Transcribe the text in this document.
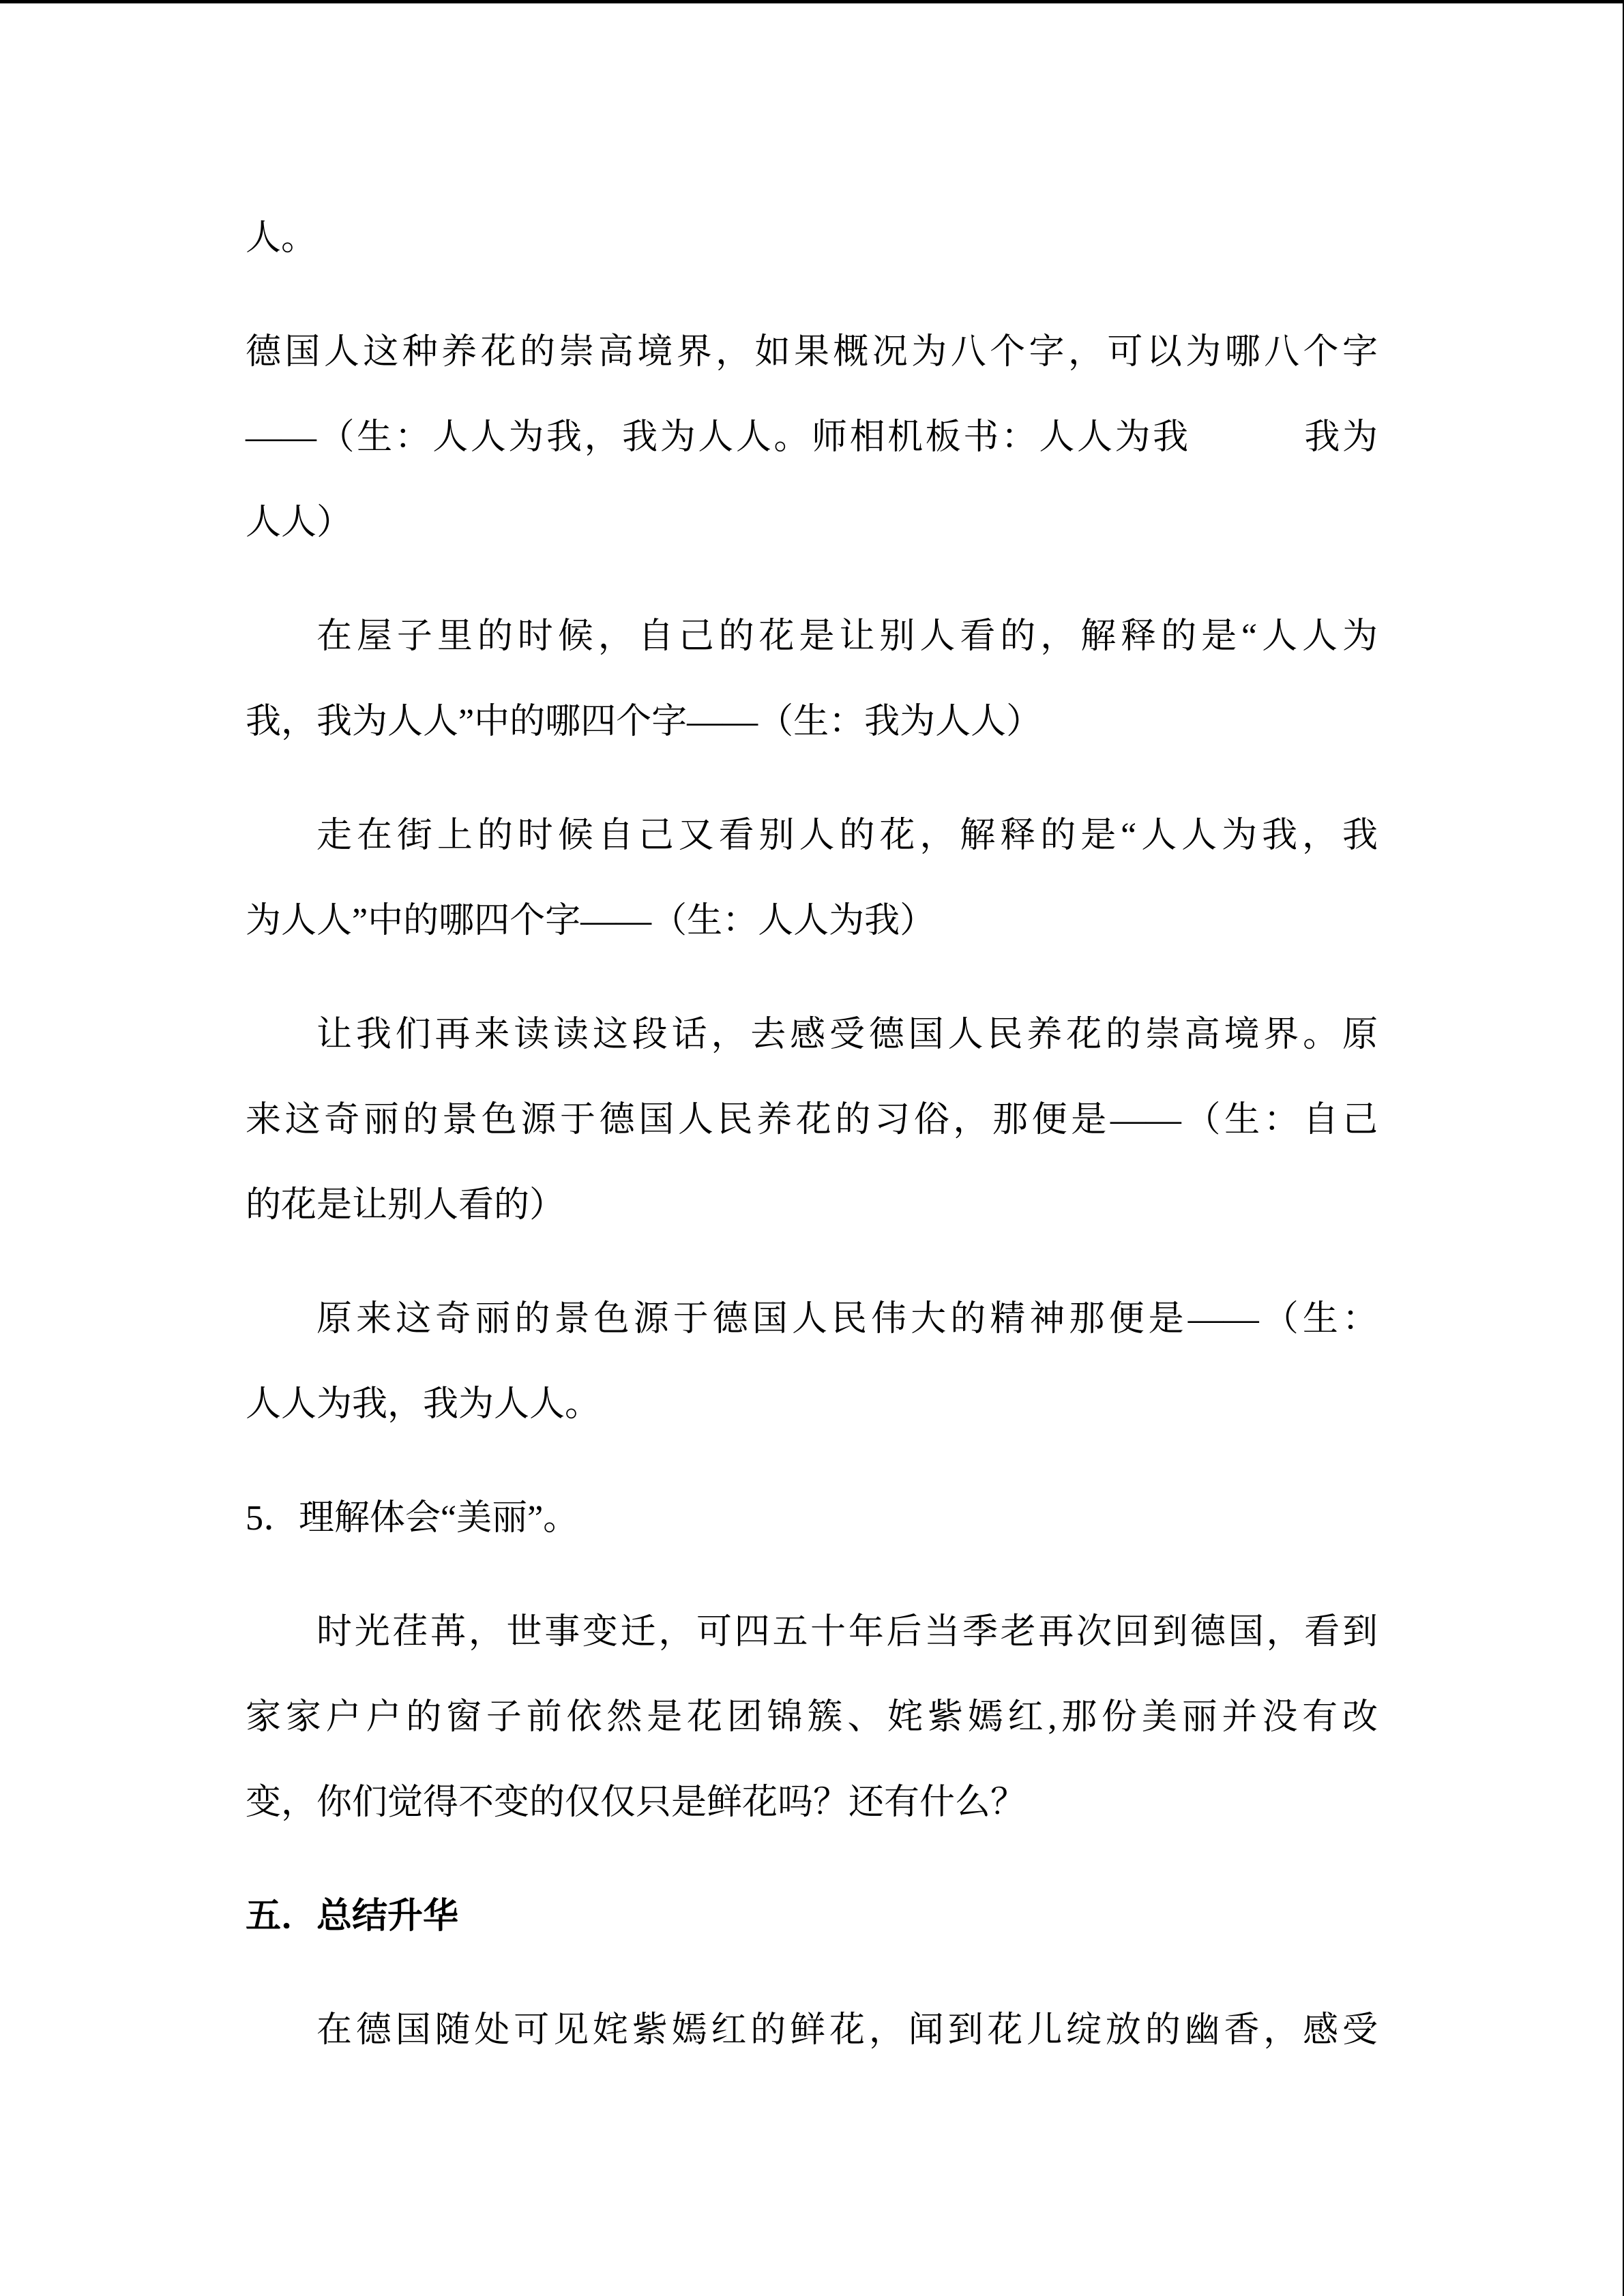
人。
德国人这种养花的崇高境界，如果概况为八个字，可以为哪八个字
——（生：人人为我，我为人人。师相机板书：人人为我　　　我为
人人）
在屋子里的时候，自己的花是让别人看的，解释的是“人人为
我，我为人人”中的哪四个字——（生：我为人人）
走在街上的时候自己又看别人的花，解释的是“人人为我，我
为人人”中的哪四个字——（生：人人为我）
让我们再来读读这段话，去感受德国人民养花的崇高境界。原
来这奇丽的景色源于德国人民养花的习俗，那便是——（生：自己
的花是让别人看的）
原来这奇丽的景色源于德国人民伟大的精神那便是——（生：
人人为我，我为人人。
5．理解体会“美丽”。
时光荏苒，世事变迁，可四五十年后当季老再次回到德国，看到
家家户户的窗子前依然是花团锦簇、姹紫嫣红,那份美丽并没有改
变，你们觉得不变的仅仅只是鲜花吗？还有什么？
五．总结升华
在德国随处可见姹紫嫣红的鲜花，闻到花儿绽放的幽香，感受
